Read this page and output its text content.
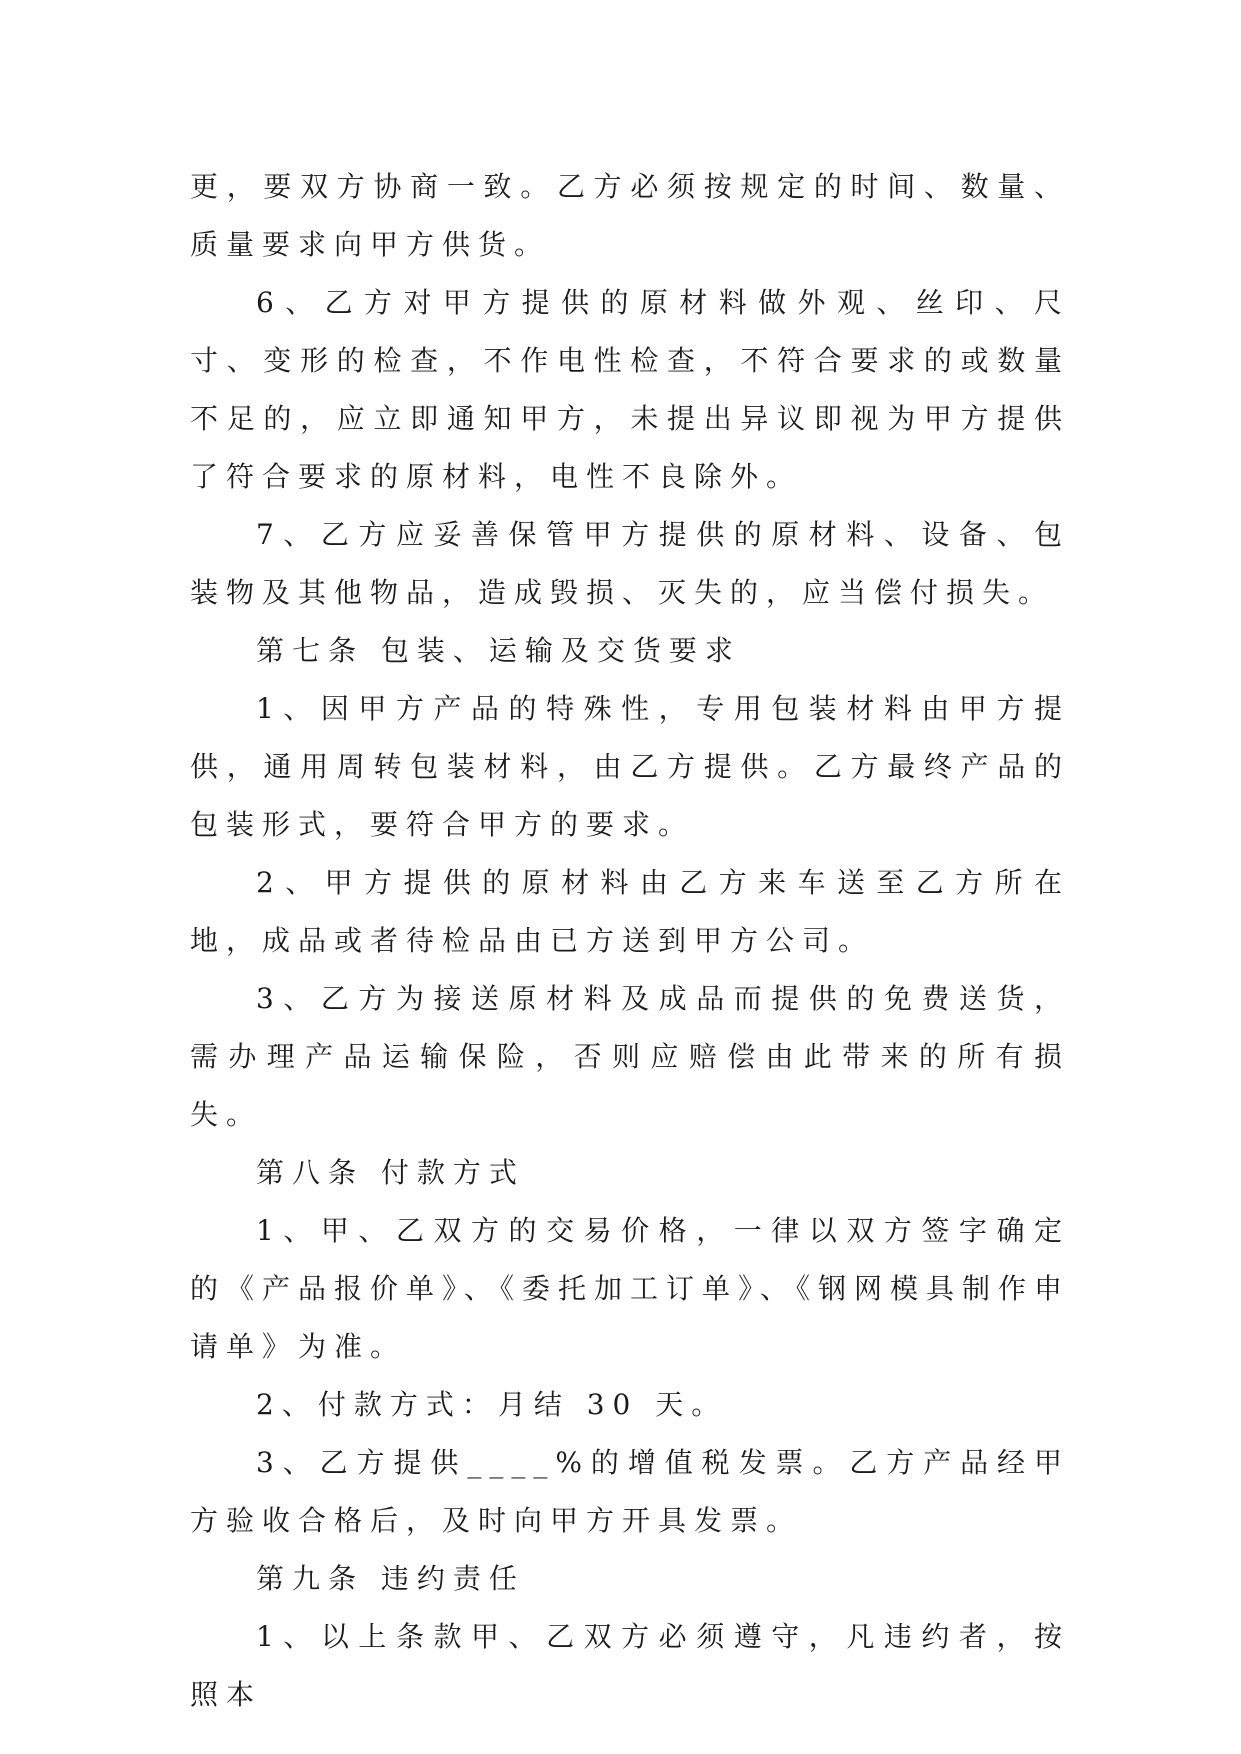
更，要双方协商一致。乙方必须按规定的时间、数量、质量要求向甲方供货。

6、乙方对甲方提供的原材料做外观、丝印、尺寸、变形的检查，不作电性检查，不符合要求的或数量不足的，应立即通知甲方，未提出异议即视为甲方提供了符合要求的原材料，电性不良除外。

7、乙方应妥善保管甲方提供的原材料、设备、包装物及其他物品，造成毁损、灭失的，应当偿付损失。

第七条 包装、运输及交货要求

1、因甲方产品的特殊性，专用包装材料由甲方提供，通用周转包装材料，由乙方提供。乙方最终产品的包装形式，要符合甲方的要求。

2、甲方提供的原材料由乙方来车送至乙方所在地，成品或者待检品由已方送到甲方公司。

3、乙方为接送原材料及成品而提供的免费送货，需办理产品运输保险，否则应赔偿由此带来的所有损失。

第八条 付款方式

1、甲、乙双方的交易价格，一律以双方签字确定的《产品报价单》、《委托加工订单》、《钢网模具制作申请单》为准。

2、付款方式：月结 30 天。

3、乙方提供____%的增值税发票。乙方产品经甲方验收合格后，及时向甲方开具发票。

第九条 违约责任

1、以上条款甲、乙双方必须遵守，凡违约者，按照本
